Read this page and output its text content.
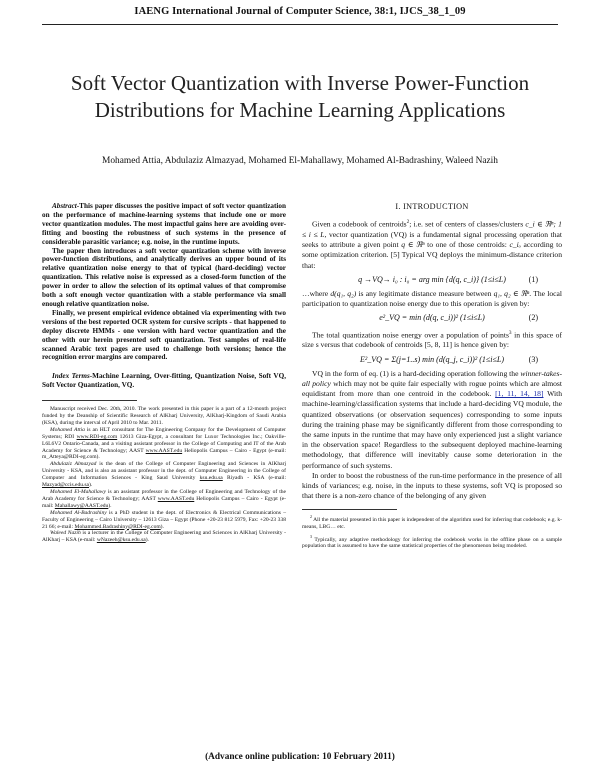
IAENG International Journal of Computer Science, 38:1, IJCS_38_1_09
Soft Vector Quantization with Inverse Power-Function
Distributions for Machine Learning Applications
Mohamed Attia, Abdulaziz Almazyad, Mohamed El-Mahallawy, Mohamed Al-Badrashiny, Waleed Nazih

Abstract-This paper discusses the positive impact of soft vector quantization on the performance of machine-learning systems that include one or more vector quantization modules. The most impactful gains here are avoiding over-fitting and boosting the robustness of such systems in the presence of considerable parasitic variance; e.g. noise, in the runtime inputs.

The paper then introduces a soft vector quantization scheme with inverse power-function distributions, and analytically derives an upper bound of its relative quantization noise energy to that of typical (hard-deciding) vector quantization. This relative noise is expressed as a closed-form function of the power in order to allow the selection of its optimal values of that compromise both a soft enough vector quantization with a stable performance via small enough relative quantization noise.

Finally, we present empirical evidence obtained via experimenting with two versions of the best reported OCR system for cursive scripts - that happened to deploy discrete HMMs - one version with hard vector quantization and the other with our herein presented soft quantization. Test samples of real-life scanned Arabic text pages are used to challenge both versions; hence the recognition error margins are compared.

Index Terms-Machine Learning, Over-fitting, Quantization Noise, Soft VQ, Soft Vector Quantization, VQ.

Manuscript received Dec. 20th, 2010. The work presented in this paper is a part of a 12-month project funded by the Deanship of Scientific Research of AlKharj University, AlKharj-Kingdom of Saudi Arabia (KSA), during the interval of April 2010 to Mar. 2011.

Mohamed Attia is an HLT consultant for The Engineering Company for the Development of Computer Systems; RDI www.RDI-eg.com 12613 Giza-Egypt, a consultant for Luxor Technologies Inc.; Oakville-L6L6V2 Ontario-Canada, and a visiting assistant professor in the College of Computing and IT of the Arab Academy for Science & Technology; AAST www.AAST.edu Heliopolis Campus – Cairo - Egypt (e-mail: m_Atteya@RDI-eg.com).

Abdulaziz Almazyad is the dean of the College of Computer Engineering and Sciences in AlKharj University - KSA, and is also an assistant professor in the dept. of Computer Engineering in the College of Computer and Information Sciences - King Saud University ksu.edu.sa Riyadh - KSA (e-mail: Mazyad@ccis.edu.sa).

Mohamed El-Mahallawy is an assistant professor in the College of Engineering and Technology of the Arab Academy for Science & Technology; AAST www.AAST.edu Heliopolis Campus – Cairo - Egypt (e-mail: Mahallawy@AAST.edu).

Mohamed Al-Badrashiny is a PhD student in the dept. of Electronics & Electrical Communications – Faculty of Engineering – Cairo University – 12613 Giza – Egypt (Phone +20-23 812 5979, Fax: +20-23 338 21 66; e-mail: Mohammed.Badrashiny@RDI-eg.com).

Waleed Nazih is a lecturer in the College of Computer Engineering and Sciences in AlKharj University - AlKharj – KSA (e-mail: wNazeeh@ksu.edu.sa).

I. INTRODUCTION

Given a codebook of centroids$^2$; i.e. set of centers of classes/clusters c_i ∈ ℜⁿ; 1 ≤ i ≤ L, vector quantization (VQ) is a fundamental signal processing operation that seeks to attribute a given point q ∈ ℜⁿ to one of those centroids: c_iₒ according to some optimization criterion. [5] Typical VQ deploys the minimum-distance criterion that:

q →VQ→ i₀ : i₀ = arg min {d(q, c_i)} (1≤i≤L)	(1)

…where d(q₁, q₂) is any legitimate distance measure between q₁, q₂ ∈ ℜⁿ. The local participation to quantization noise energy due to this operation is given by:

e²_VQ = min (d(q, c_i))² (1≤i≤L)	(2)

The total quantization noise energy over a population of points$^3$ in this space of size s versus that codebook of centroids [5, 8, 11] is hence given by:

E²_VQ = Σ(j=1..s) min (d(q_j, c_i))² (1≤i≤L)	(3)

VQ in the form of eq. (1) is a hard-deciding operation following the winner-takes-all policy which may not be quite fair especially with rogue points which are almost equidistant from more than one centroid in the codebook. [1, 11, 14, 18] With machine-learning/classification systems that include a hard-deciding VQ module, the quantized observations (or observation sequences) corresponding to some inputs during the training phase may be significantly different from those corresponding to the same inputs in the runtime that may have only experienced just a slight variance in the observation space! Regardless to the subsequent deployed machine-learning methodology, that difference will inevitably cause some deterioration in the performance of such systems.

In order to boost the robustness of the run-time performance in the presence of all kinds of variances; e.g. noise, in the inputs to these systems, soft VQ is proposed so that there is a non-zero chance of the belonging of any given

$^2$ All the material presented in this paper is independent of the algorithm used for inferring that codebook; e.g. k-means, LBG… etc.

$^3$ Typically, any adaptive methodology for inferring the codebook works in the offline phase on a sample population that is assumed to have the same statistical properties of the phenomenon being modeled.

(Advance online publication: 10 February 2011)
